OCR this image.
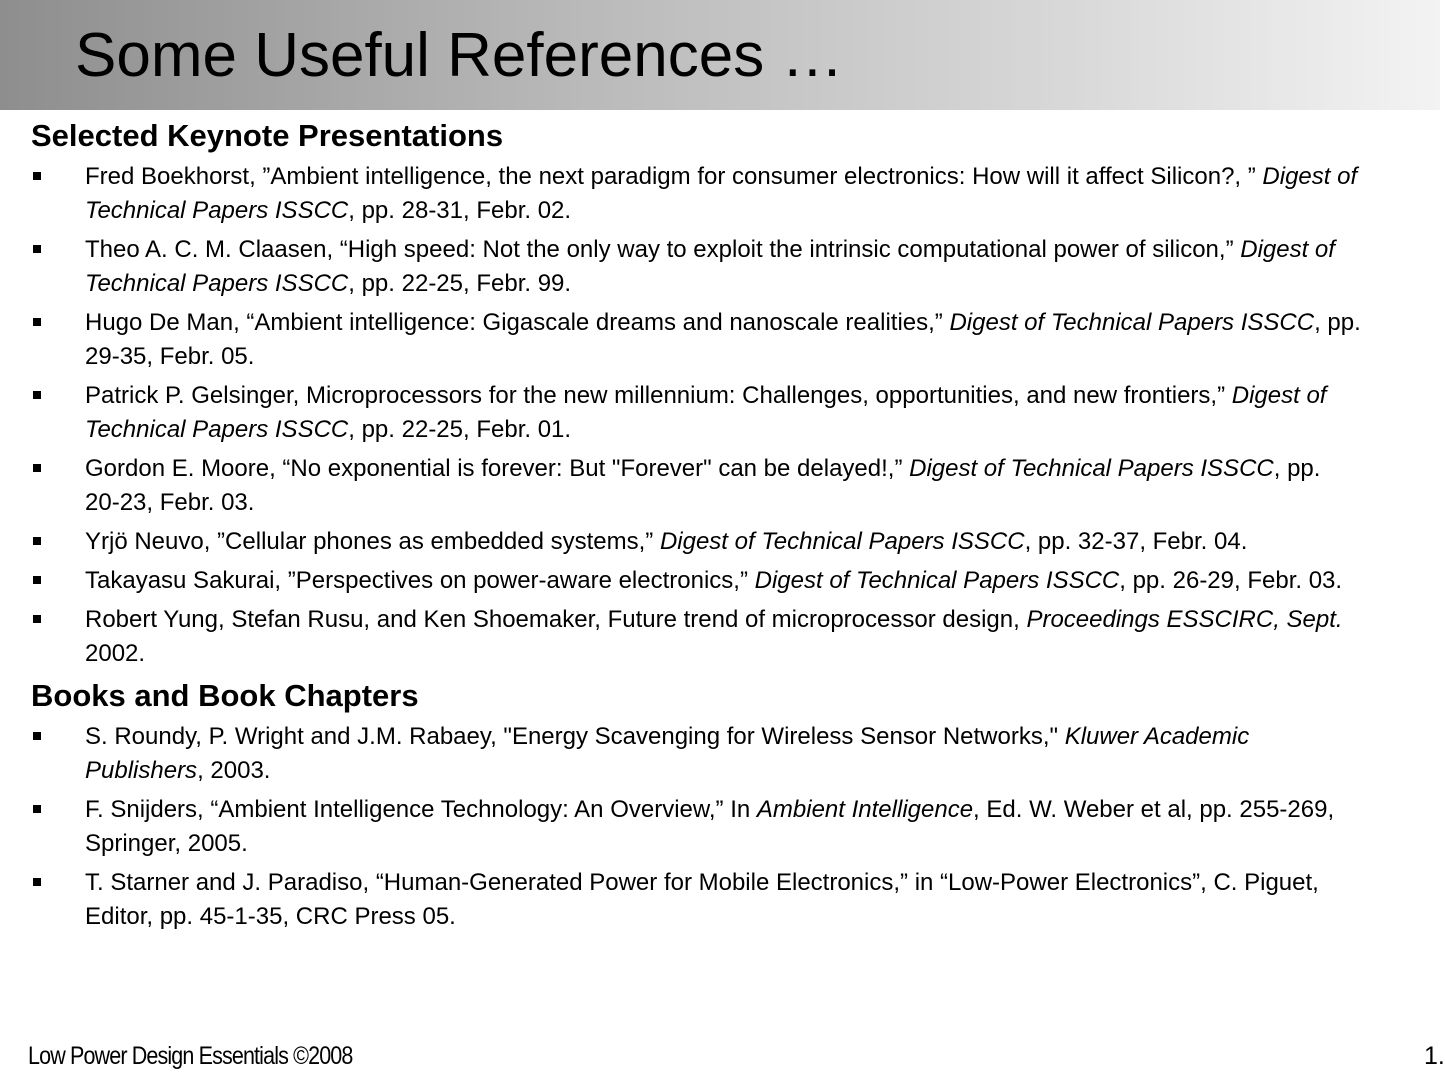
Some Useful References …
Selected Keynote Presentations
Fred Boekhorst, ”Ambient intelligence, the next paradigm for consumer electronics: How will it affect Silicon?, ” Digest of Technical Papers ISSCC, pp. 28-31, Febr. 02.
Theo A. C. M. Claasen, “High speed: Not the only way to exploit the intrinsic computational power of silicon,” Digest of Technical Papers ISSCC, pp. 22-25, Febr. 99.
Hugo De Man, “Ambient intelligence: Gigascale dreams and nanoscale realities,” Digest of Technical Papers ISSCC, pp. 29-35, Febr. 05.
Patrick P. Gelsinger, Microprocessors for the new millennium: Challenges, opportunities, and new frontiers,” Digest of Technical Papers ISSCC, pp. 22-25, Febr. 01.
Gordon E. Moore, “No exponential is forever: But "Forever" can be delayed!,” Digest of Technical Papers ISSCC, pp. 20-23, Febr. 03.
Yrjö Neuvo, ”Cellular phones as embedded systems,” Digest of Technical Papers ISSCC, pp. 32-37, Febr. 04.
Takayasu Sakurai, ”Perspectives on power-aware electronics,” Digest of Technical Papers ISSCC, pp. 26-29, Febr. 03.
Robert Yung, Stefan Rusu, and Ken Shoemaker, Future trend of microprocessor design, Proceedings ESSCIRC, Sept. 2002.
Books and Book Chapters
S. Roundy, P. Wright and J.M. Rabaey, "Energy Scavenging for Wireless Sensor Networks," Kluwer Academic Publishers, 2003.
F. Snijders, “Ambient Intelligence Technology: An Overview,” In Ambient Intelligence, Ed. W. Weber et al, pp. 255-269, Springer, 2005.
T. Starner and J. Paradiso, “Human-Generated Power for Mobile Electronics,” in “Low-Power Electronics”, C. Piguet, Editor, pp. 45-1-35, CRC Press 05.
Low Power Design Essentials ©2008	1.
